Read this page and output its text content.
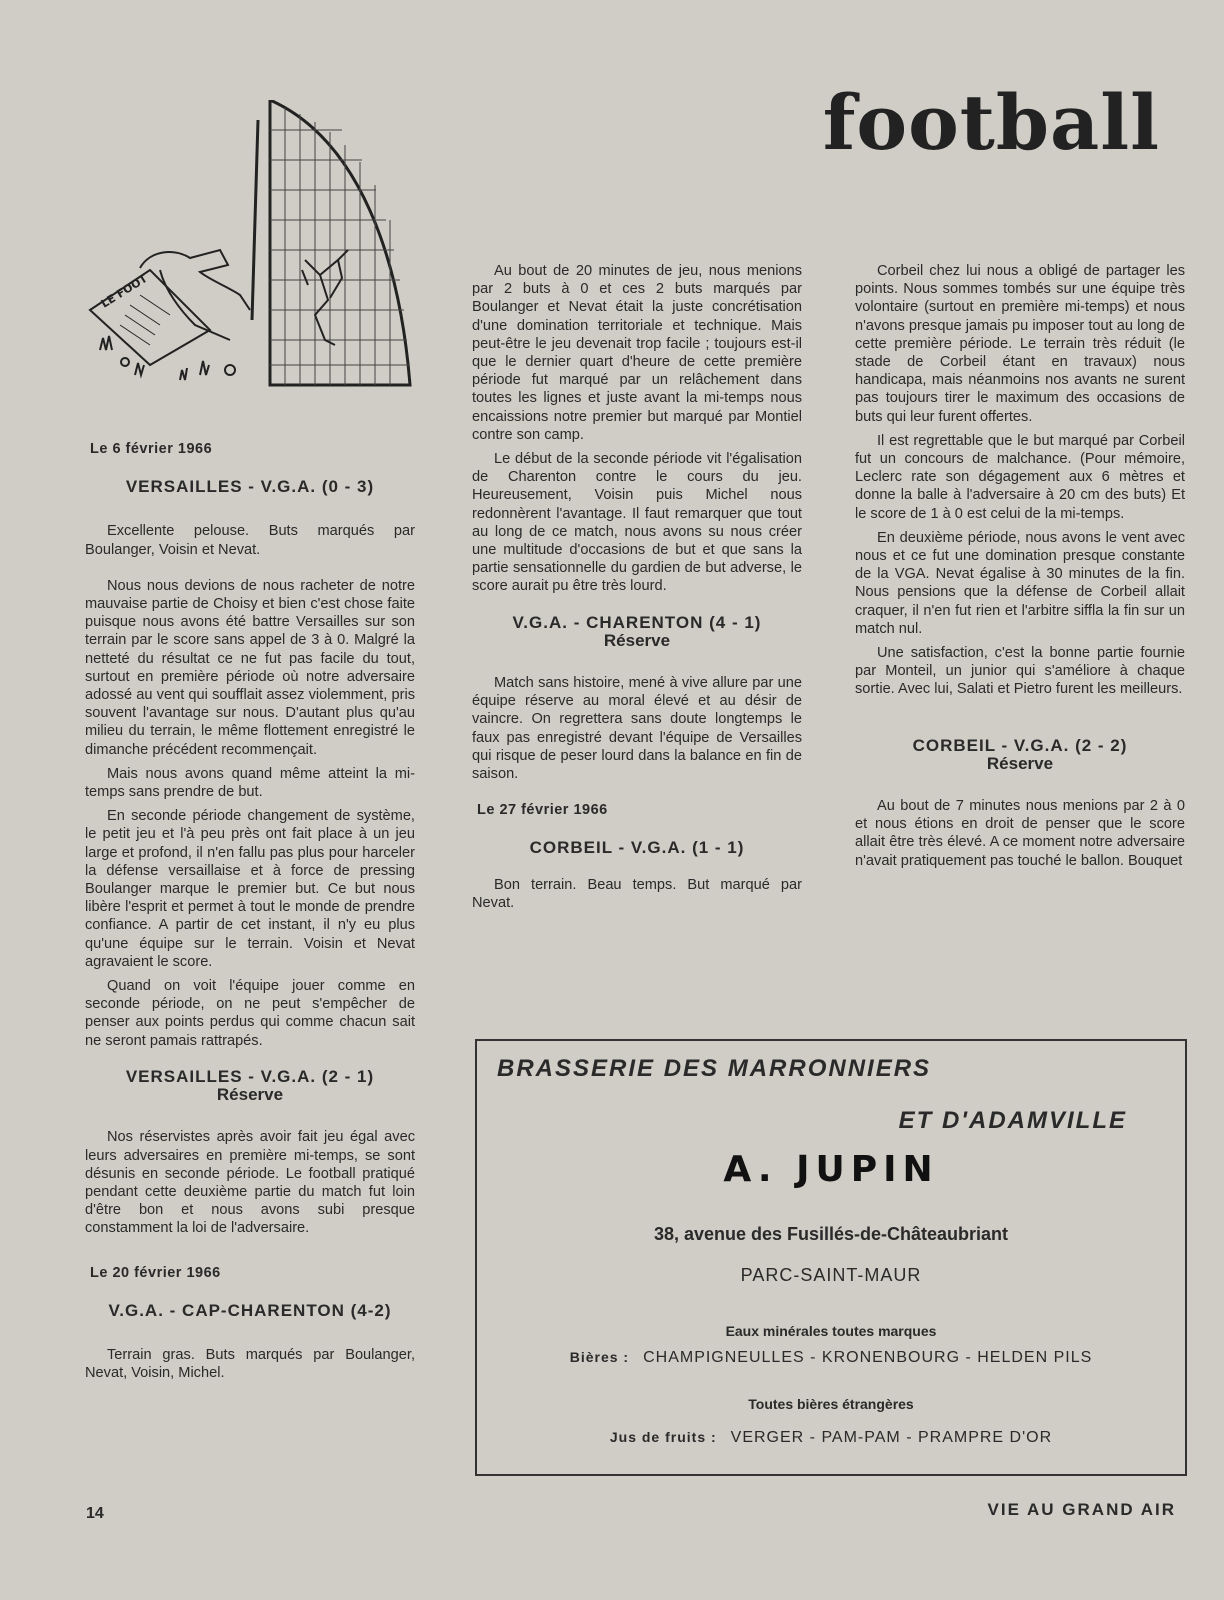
football
LE FOOT
Le 6 février 1966
VERSAILLES - V.G.A. (0 - 3)

Excellente pelouse. Buts marqués par Boulanger, Voisin et Nevat.

Nous nous devions de nous racheter de notre mauvaise partie de Choisy et bien c'est chose faite puisque nous avons été battre Versailles sur son terrain par le score sans appel de 3 à 0. Malgré la netteté du résultat ce ne fut pas facile du tout, surtout en première période où notre adversaire adossé au vent qui soufflait assez violemment, pris souvent l'avantage sur nous. D'autant plus qu'au milieu du terrain, le même flottement enregistré le dimanche précédent recommençait.

Mais nous avons quand même atteint la mi-temps sans prendre de but.

En seconde période changement de système, le petit jeu et l'à peu près ont fait place à un jeu large et profond, il n'en fallu pas plus pour harceler la défense versaillaise et à force de pressing Boulanger marque le premier but. Ce but nous libère l'esprit et permet à tout le monde de prendre confiance. A partir de cet instant, il n'y eu plus qu'une équipe sur le terrain. Voisin et Nevat agravaient le score.

Quand on voit l'équipe jouer comme en seconde période, on ne peut s'empêcher de penser aux points perdus qui comme chacun sait ne seront pamais rattrapés.

VERSAILLES - V.G.A. (2 - 1)
Réserve

Nos réservistes après avoir fait jeu égal avec leurs adversaires en première mi-temps, se sont désunis en seconde période. Le football pratiqué pendant cette deuxième partie du match fut loin d'être bon et nous avons subi presque constamment la loi de l'adversaire.

Le 20 février 1966
V.G.A. - CAP-CHARENTON (4-2)

Terrain gras. Buts marqués par Boulanger, Nevat, Voisin, Michel.

Au bout de 20 minutes de jeu, nous menions par 2 buts à 0 et ces 2 buts marqués par Boulanger et Nevat était la juste concrétisation d'une domination territoriale et technique. Mais peut-être le jeu devenait trop facile ; toujours est-il que le dernier quart d'heure de cette première période fut marqué par un relâchement dans toutes les lignes et juste avant la mi-temps nous encaissions notre premier but marqué par Montiel contre son camp.

Le début de la seconde période vit l'égalisation de Charenton contre le cours du jeu. Heureusement, Voisin puis Michel nous redonnèrent l'avantage. Il faut remarquer que tout au long de ce match, nous avons su nous créer une multitude d'occasions de but et que sans la partie sensationnelle du gardien de but adverse, le score aurait pu être très lourd.

V.G.A. - CHARENTON (4 - 1)
Réserve

Match sans histoire, mené à vive allure par une équipe réserve au moral élevé et au désir de vaincre. On regrettera sans doute longtemps le faux pas enregistré devant l'équipe de Versailles qui risque de peser lourd dans la balance en fin de saison.

Le 27 février 1966
CORBEIL - V.G.A. (1 - 1)

Bon terrain. Beau temps. But marqué par Nevat.

Corbeil chez lui nous a obligé de partager les points. Nous sommes tombés sur une équipe très volontaire (surtout en première mi-temps) et nous n'avons presque jamais pu imposer tout au long de cette première période. Le terrain très réduit (le stade de Corbeil étant en travaux) nous handicapa, mais néanmoins nos avants ne surent pas toujours tirer le maximum des occasions de buts qui leur furent offertes.

Il est regrettable que le but marqué par Corbeil fut un concours de malchance. (Pour mémoire, Leclerc rate son dégagement aux 6 mètres et donne la balle à l'adversaire à 20 cm des buts) Et le score de 1 à 0 est celui de la mi-temps.

En deuxième période, nous avons le vent avec nous et ce fut une domination presque constante de la VGA. Nevat égalise à 30 minutes de la fin. Nous pensions que la défense de Corbeil allait craquer, il n'en fut rien et l'arbitre siffla la fin sur un match nul.

Une satisfaction, c'est la bonne partie fournie par Monteil, un junior qui s'améliore à chaque sortie. Avec lui, Salati et Pietro furent les meilleurs.

CORBEIL - V.G.A. (2 - 2)
Réserve

Au bout de 7 minutes nous menions par 2 à 0 et nous étions en droit de penser que le score allait être très élevé. A ce moment notre adversaire n'avait pratiquement pas touché le ballon. Bouquet

BRASSERIE DES MARRONNIERS
ET D'ADAMVILLE
A. JUPIN
38, avenue des Fusillés-de-Châteaubriant
PARC-SAINT-MAUR
Eaux minérales toutes marques
Bières : CHAMPIGNEULLES - KRONENBOURG - HELDEN PILS
Toutes bières étrangères
Jus de fruits : VERGER - PAM-PAM - PRAMPRE D'OR
14	VIE AU GRAND AIR
